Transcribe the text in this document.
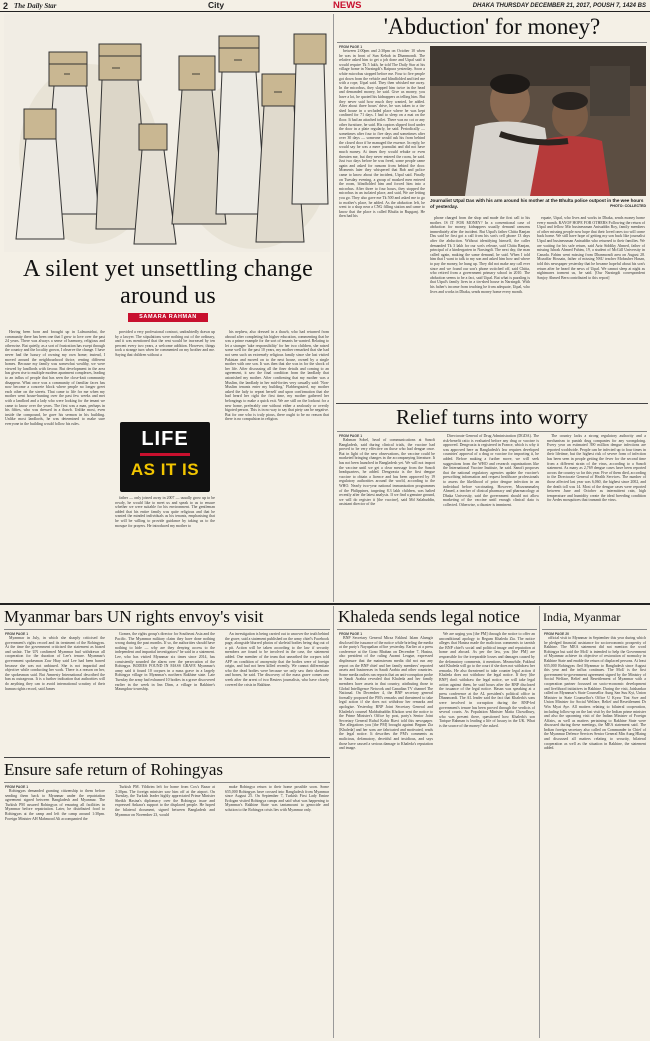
2 The Daily Star	City	NEWS	DHAKA THURSDAY DECEMBER 21, 2017, POUSH 7, 1424 BS
A silent yet unsettling change around us
SAMARA RAHMAN

Having been born and brought up in Lalmonirhat, the community there has been one that I grew to love over the past 24 years. There was always a sense of harmony, religious and otherwise. But quietly, as a sort of frustration has swept through the country and the locality grown, I observe the change. I have never had the luxury of owning my own home; instead, I moved around the neighbourhood thrice, renting different homes. Because my family was somewhat wealthy, we were viewed by landlords with favour. But development in the area has given rise to multiple modern apartment complexes, leading to an influx of people that has seen the close-knit community disappear. What once was a community of familiar faces has now become a concrete block where people no longer greet each other on the streets. That came to life for me when my mother went house-hunting over the past few weeks and met with a landlord and a lady who were looking for the tenant we came to know over the years. The first was a man, perhaps in his fifties, who was dressed in a thawb. Unlike most, even inside the compound, he gave his sermon in his building. Unlike most landlords, he was determined to make sure everyone in the building would follow his rules.

provided a very professional contract, undoubtedly drawn up by a lawyer. The stipulations were nothing out of the ordinary, and it was mentioned that the rent would be increased by ten percent every two years, a welcome addition. However, things took a strange turn when he commented on my brother and me. Saying that children without a

LIFE
AS IT IS

father — only joined away in 2007 — usually grow up to be rowdy, he would like to meet us and speak to us to ensure whether we were suitable for his environment. The gentleman added that his entire family was quite religious and that he wanted the minded individuals as his tenants, emphasising that he will be willing to provide guidance by taking us to the mosque for prayers. He introduced my mother to

his nephew, also dressed in a thawb, who had returned from abroad after completing his higher education, commenting that he was a prime example for the sort of tenants he wanted. Relating to let a stranger 'take responsibility' for her two children, she raised some well for the past 10 years, my mother remarked that she had not seen such an extremely religious family since she last visited Pakistan and moved on to the next house, owned by a single mother with one son. It was then that she was in for the shock of her life. After discussing all the finer details and coming to an agreement, it saw the final condition from the landlady that astonished my mother. After confirming that my mother was a Muslim, the landlady in her mid-forties very casually said: 'Non-Muslim tenants enter my building.' Flabbergasted, my mother asked the lady to repeat herself and upon confirmation that she had heard her right the first time, my mother gathered her belongings to make a quick exit. We are still on the lookout for a new home, preferably one without either a zealously or overtly bigoted person. This is in no way to say that piety can be negative. But for one who is truly pious, there ought to be no reason that there is no compulsion in religion.

'Abduction' for money?
FROM PAGE 1

between 2:00pm and 2:30pm on October 10 when he was in front of Sun Kebab in Dhanmondi. The relative asked him to get a job done and Utpal said it would require Tk 5 lakh, he told The Daily Star at his village home in Narsingdi's Raipura yesterday. Soon a white microbus stopped before me. Four to five people got down from the vehicle and blindfolded and tied me with a rope, Utpal said. They then whisked me away. In the microbus, they slapped him twice in the head and demanded money, he said. Give us money, you have a lot, he quoted his kidnappers as telling him. But they never said how much they wanted, he added. After about three hours' drive, he was taken to a tin-shed house in a secluded place where he was kept confined for 71 days. I had to sleep on a mat on the floor. It had an attached toilet. There was no cot or any other furniture, he said. His captors slipped food under the door in a plate regularly, he said. Periodically — sometimes after four to five days and sometimes after over 30 days — someone would ask his from behind the closed door if he managed the essence. In reply, he would say he was a mere journalist and did not have much money. At times they would rebuke or even threaten me, but they never entered the room, he said. Just two days before he was freed, some people came again and asked for ransom from behind the door. Moments later they whispered that Bab and police came to know about the incident, Utpal said. Finally on Tuesday evening, a group of masked men entered the room, blindfolded him and forced him into a microbus. After three to four hours, they stopped the microbus in an isolated place, and said, We are letting you go. They also gave me Tk 500 and asked me to go to mother's place, he added. As the abduction left, he went to a shop near a CNG filling station and came to know that the place is called Bhulta in Rupganj. He then had his

Journalist Utpal Das with his arm around his mother at the Bhulta police outpost in the wee hours of yesterday.	PHOTO: COLLECTED

phone charged from the shop and made the first call to his mother. IS IT FOR MONEY? In a conventional case of abduction for money, kidnappers usually demand ransoms immediately after the incident. But Utpal's father Chitta Ranjan Das said he first got a call from his son's cell phone 13 days after the abduction. Without identifying himself, the caller demanded Tk 3 lakh for our son's release, said Chitta Ranjan, principal of a kindergarten in Narsingdi. The next day, the man called again, making the same demand, he said. When I told him that I want to talk to my son and asked him how and where to pay the money, he hung up. They did not make any call ever since and we found our son's phone switched off, said Chitta, who retired from a government primary school in 2010. The abduction seems to be a fact, said Utpal. But what is puzzling is that Utpal's family lives in a tin-shed house in Narsingdi. With his father's income from teaching he from adequate, Utpal, who lives and works in Dhaka, sends money home every month.

equate, Utpal, who lives and works in Dhaka, sends money home every month. RAYOF HOPE FOR OTHERS Following the return of Utpal and fellow Mir businessman Anisuddin Roy, family members of other missing people now hope that their loved ones too will come back home. We still have hope of getting my son back like journalist Utpal and businessman Anisuddin who returned to their families. We are waiting for his safe return, said Aziz Siddiky Ahmed, father of missing Ishrak Ahmed Fahim, 19, a student of McGill University in Canada. Fahim went missing from Dhanmondi area on August 28. Mozaffar Hossain, father of missing NSU teacher Mobasher Hasan, told this newspaper yesterday that he became hopeful about his son's return after he heard the news of Utpal. We cannot sleep at night as nightmares torment us, he said. [Our Narsingdi correspondent Sanjoy Ahmed Bern contributed to this report]

Relief turns into worry
FROM PAGE 1

Rahman Sobel, head of communications at Sanofi Bangladesh, said during clinical trials, the vaccine had proved to be very effective on those who had dengue once. But in light of the new observations, the vaccine could be marketed bringing changes in the accompanying literature. It has not been launched in Bangladesh yet. We will not import the vaccine until we get a clear message from the Sanofi headquarters, he added. Dengvaxia is the first dengue vaccine to obtain a licence and has been approved by 19 regulatory authorities around the world, according to the WHO. Nearly two-year national immunisation programmes of the Philippines, targeting 8.3 lakh children, was halted recently after the latest analysis. If we find a genuine ground, we will do register it [the vaccine], said Md Salahuddin, assistant director of the

Directorate General of Drug Administration (DGDA). The risk-benefit ratio is evaluated before any drug or vaccine is approved. Dengvaxia is registered in France, which is why it was approved here as Bangladesh's law requires developed countries' approval of a drug or vaccine for importing it, he added. Before making a further move, we will seek suggestions from the WHO and research organisations like the International Vaccine Institute, he said. Sanofi proposes that the national regulatory agencies update the vaccine's prescribing information and request healthcare professionals to assess the likelihood of prior dengue infection in an individual before vaccinating. However, Mozzammaleq Ahmed, a teacher of clinical pharmacy and pharmacology at Dhaka University, said the government should not allow marketing of the vaccine until enough clinical data is collected. Otherwise, a disaster is imminent.

The country lacks a strong regulatory authority and a mechanism to punish drug companies for any wrongdoing. Every year an estimated 390 million dengue infections are reported worldwide. People can be infected up to four times in their lifetime, but the highest risk of severe form of infection has been seen in people getting the fever for the second time from a different strain of the virus, according to a Sanofi statement. As many as 2,769 dengue cases have been reported across the country so far this year. Five of them died, according to the Directorate General of Health Services. The number of those affected last year was 6,060, the highest since 2002, and the death toll was 14. Most of the dengue cases were reported between June and October as intermittent rain, high temperature and humidity create the ideal breeding condition for Aedes mosquitoes that transmit the virus.

Myanmar bars UN rights envoy's visit
FROM PAGE 1

Myanmar in July, in which she sharply criticised the government's rights record and its treatment of the Rohingyas. At the time the government criticised the statement as biased and unfair. The UN confirmed Myanmar had withdrawn all cooperation for the duration of Lee's tenure. Myanmar's government spokesman Zaw Htay said Lee had been barred because she was not unbiased. She is not impartial and objective while conducting her work. There is a reason on her, the spokesman said. But Amnesty International described the ban as outrageous. It is a further indication that authorities will do anything they can to avoid international scrutiny of their human rights record, said James

Gomez, the rights group's director for Southeast Asia and the Pacific. The Myanmar military claim they have done nothing wrong during the past months. If so, the authorities should have nothing to hide — why are they denying access to the independent and impartial investigators? he said in a statement. Lee, who has visited Myanmar six times since 2014, has consistently sounded the alarm over the persecution of the Rohingya. BODIES FOUND IN MASS GRAVE Myanmar's army said it found 10 corpses in a mass grave in a largely Rohingya village in Myanmar's northern Rakhine state. Late Tuesday the army had exhumed 10 bodies in a grave discovered earlier in the week in Inn Dinn, a village in Rakhine's Maungdaw township.

An investigation is being carried out to uncover the truth behind the grave, said a statement published on the army chief's Facebook page, alongside blurred photos of skeletal bodies being dug out of a pit. Action will be taken according to the law if security members are found to be involved in the case, the statement added. One member of the team that unearthed the corpses told AFP on condition of anonymity that the bodies were of foreign origin, and had not been killed recently. We cannot differentiate who the dead bodies were because we only saw their skeletons and bones, he said. The discovery of the mass grave comes one week after the arrest of two Reuters journalists, who have closely covered the crisis in Rakhine.

Ensure safe return of Rohingyas
FROM PAGE 1

Rohingyas demanded granting citizenship to them before sending them back to Myanmar under the repatriation agreement signed between Bangladesh and Myanmar. The Turkish PM assured Rohingyas of ensuring all facilities in Myanmar before repatriation. Later, he distributed food to Rohingyas at the camp and left the camp around 1:30pm. Foreign Minister AH Mahmood Ali accompanied the

Turkish PM. Yildirim left for home from Cox's Bazar at 2:30pm. The foreign minister saw him off at the airport. On Tuesday, the Turkish leader highly appreciated Prime Minister Sheikh Hasina's diplomacy over the Rohingya issue and expressed Ankara's support to the displaced people. He hoped the bilateral document, signed between Bangladesh and Myanmar on November 23, would

make Rohingya return to their home possible soon. Some 655,000 Rohingyas have crossed into Bangladesh from Myanmar since August 25. On September 7, Turkish First Lady Emine Erdogan visited Rohingya camps and said what was happening to Myanmar's Rakhine State was tantamount to genocide and solution to the Rohingya crisis lies with Myanmar only.

Khaleda sends legal notice
FROM PAGE 1

BNP Secretary General Mirza Fakhrul Islam Alamgir disclosed the issuance of the notice while briefing the media at the party's Nayapaltan office yesterday. Earlier at a press conference at the Gono Bhaban on December 7, Hasina, also president of the ruling Awami League, expressed displeasure that the mainstream media did not run any report on the BNP chief and her family members' reported assets and businesses in Saudi Arabia and other countries. Some media outlets ran reports that an anti-corruption probe in Saudi Arabia revealed that Khaleda and her family members have assets in that country, attributing those to Global Intelligence Network and Canadian TV channel The National. On December 4, the BNP secretary general formally proposed the PM's remarks and threatened to take legal action if she does not withdraw her remarks and apologise. Yesterday, BNP Joint Secretary General and Khaleda's counsel Mahbubuddin Khokon sent the notice to the Prime Minister's Office by post, party's Senior Joint Secretary General Ruhul Kabir Rizvi told this newspaper. The allegations you [the PM] brought against Begum Zia [Khaleda] and her sons are fabricated and motivated, reads the legal notice. It describes the PM's comments as malicious, defamatory, deceitful and insidious, and says those have caused a serious damage to Khaleda's reputation and image.

We are urging you [the PM] through the notice to offer an unconditional apology to Begum Khaleda Zia. The notice alleges that Hasina made the malicious comments to tarnish the BNP chief's social and political image and reputation at home and abroad. As per the law, you [the PM] are responsible for the irreparable losses and damages caused by the defamatory comments, it mentions. Meanwhile, Fakhrul said Khaleda will go to the court if she does not withdraw her remarks. He also threatened to take counter legal action if Khaleda does not withdraw the legal notice. If they [the BNP] don't withdraw the legal notice, we will take legal action against them, he said hours after the BNP disclosed the issuance of the legal notice. Hasan was speaking at a press conference at the AL president's political office in Dhanmondi. The AL leader said the fact that Khaleda's sons were involved in corruption during the BNP-led government's tenure has been proved through the verdicts of several courts. As Population Minister Matia Chowdhury, who was present there, questioned how Khaleda's son Tarique Rahman is leading a life of luxury in the UK. What is the source of the money? she asked.

India, Myanmar
FROM PAGE 20

official visit to Myanmar in September this year during which he pledged financial assistance for socioeconomic prosperity of Rakhine. The MEA statement did not mention the word Rohingya but said the MoU is intended to help the Government of Myanmar achieve its objective of restoration of normalcy in Rakhine State and enable the return of displaced persons. At least 655,000 Rohingyas fled Myanmar to Bangladesh since August this year and the influx continues. The MoU is the first government-to-government agreement signed by the Ministry of Social Welfare, Relief and Resettlement of Myanmar with a cooperation partner focussed on socio-economic development and livelihood initiatives in Rakhine. During the visit, Jaishankar called on Myanmar's State Counsellor Aung San Suu Kyi, Union Minister in State Counsellor's Office U Kyaw Tint Swe and Union Minister for Social Welfare, Relief and Resettlement Dr Win Myat Aye. All matters relating to bilateral cooperation, including follow-up on the last visit by the Indian prime minister and also the upcoming visit of the Indian Minister of Foreign Affairs, as well as matters pertaining to Rakhine State were discussed during these meetings, the MEA statement said. The Indian foreign secretary also called on Commander in Chief of the Myanmar Defence Services Senior General Min Aung Hlaing and discussed all matters relating to security, bilateral cooperation as well as the situation in Rakhine, the statement added.
